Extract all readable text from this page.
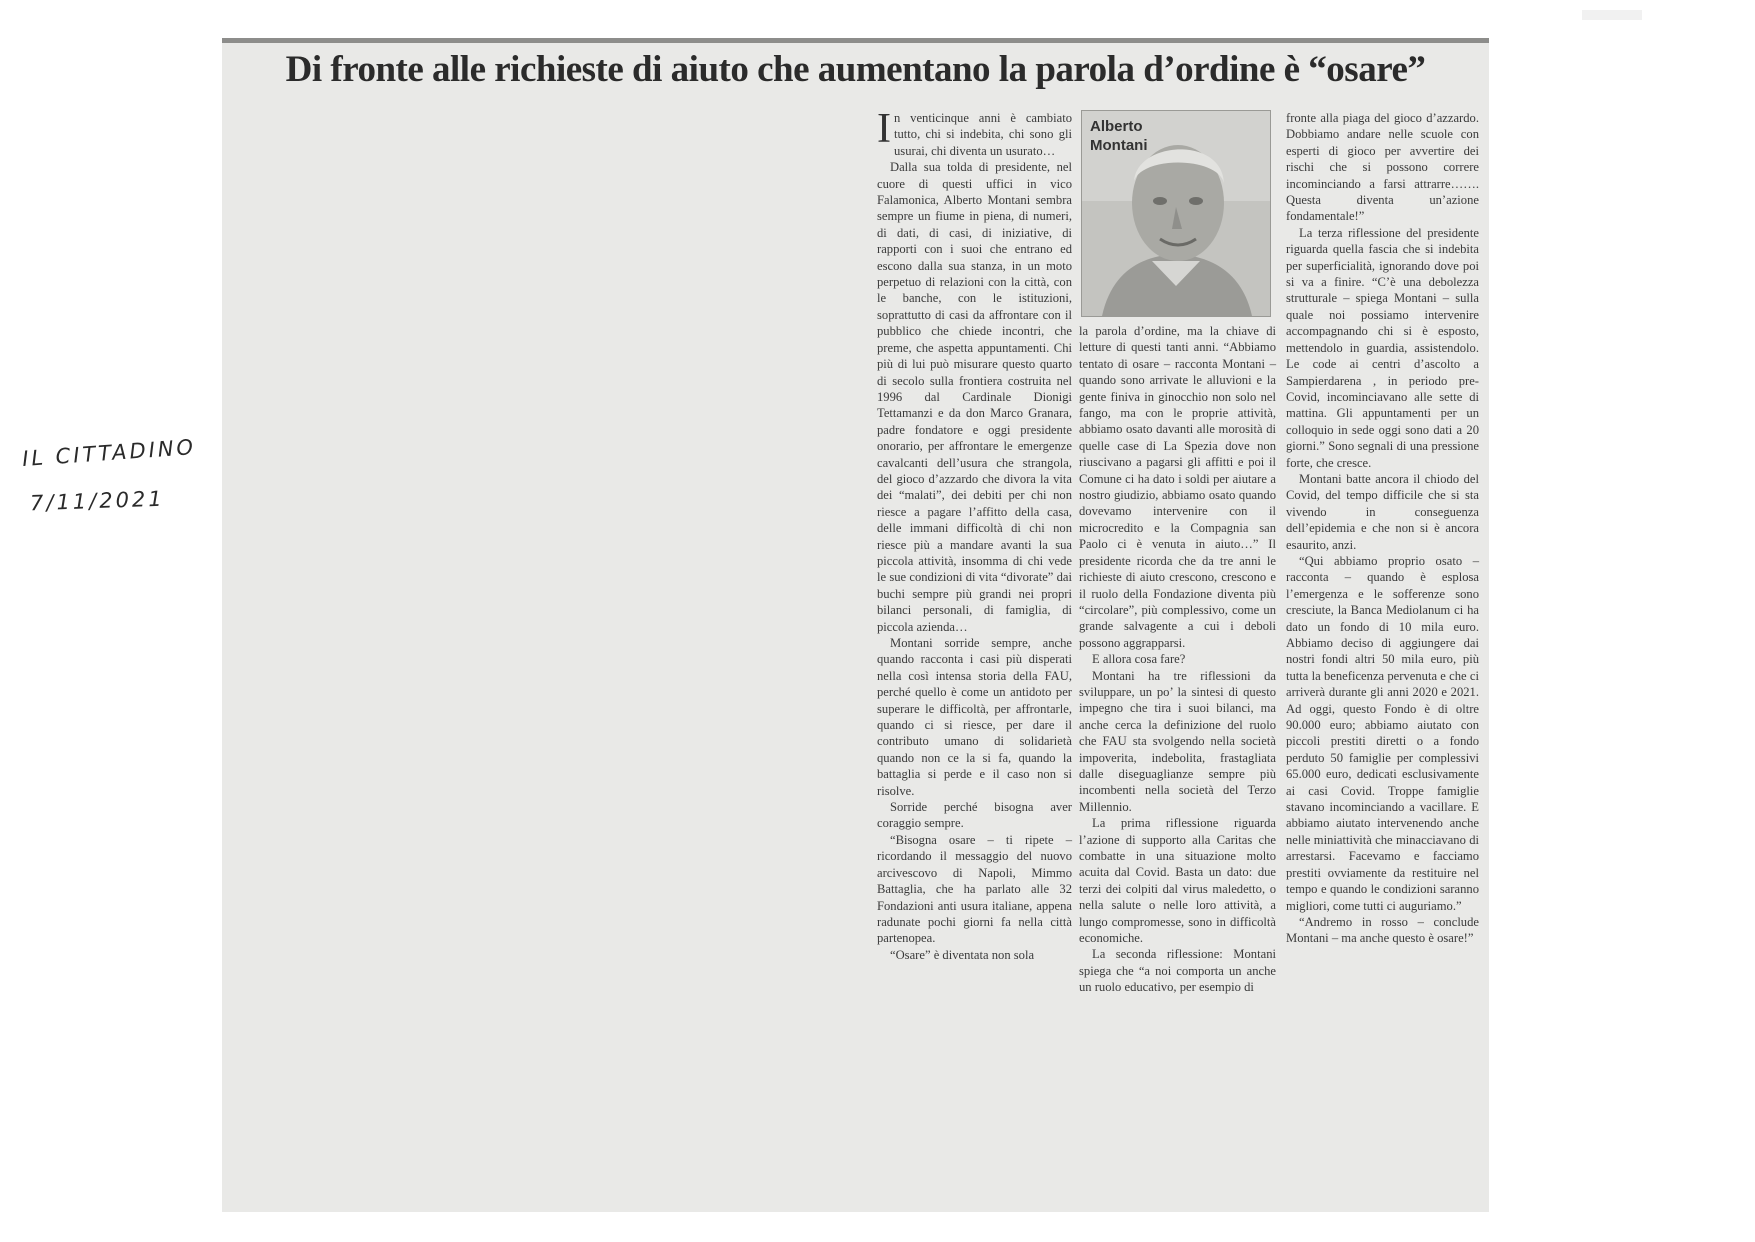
IL CITTADINO
7/11/2021
Di fronte alle richieste di aiuto che aumentano la parola d’ordine è “osare”

In venticinque anni è cambiato tutto, chi si indebita, chi sono gli usurai, chi diventa un usurato…

Dalla sua tolda di presidente, nel cuore di questi uffici in vico Falamonica, Alberto Montani sembra sempre un fiume in piena, di numeri, di dati, di casi, di iniziative, di rapporti con i suoi che entrano ed escono dalla sua stanza, in un moto perpetuo di relazioni con la città, con le banche, con le istituzioni, soprattutto di casi da affrontare con il pubblico che chiede incontri, che preme, che aspetta appuntamenti. Chi più di lui può misurare questo quarto di secolo sulla frontiera costruita nel 1996 dal Cardinale Dionigi Tettamanzi e da don Marco Granara, padre fondatore e oggi presidente onorario, per affrontare le emergenze cavalcanti dell’usura che strangola, del gioco d’azzardo che divora la vita dei “malati”, dei debiti per chi non riesce a pagare l’affitto della casa, delle immani difficoltà di chi non riesce più a mandare avanti la sua piccola attività, insomma di chi vede le sue condizioni di vita “divorate” dai buchi sempre più grandi nei propri bilanci personali, di famiglia, di piccola azienda…

Montani sorride sempre, anche quando racconta i casi più disperati nella così intensa storia della FAU, perché quello è come un antidoto per superare le difficoltà, per affrontarle, quando ci si riesce, per dare il contributo umano di solidarietà quando non ce la si fa, quando la battaglia si perde e il caso non si risolve.

Sorride perché bisogna aver coraggio sempre.

“Bisogna osare – ti ripete – ricordando il messaggio del nuovo arcivescovo di Napoli, Mimmo Battaglia, che ha parlato alle 32 Fondazioni anti usura italiane, appena radunate pochi giorni fa nella città partenopea.

“Osare” è diventata non sola

Alberto
Montani

la parola d’ordine, ma la chiave di letture di questi tanti anni. “Abbiamo tentato di osare – racconta Montani – quando sono arrivate le alluvioni e la gente finiva in ginocchio non solo nel fango, ma con le proprie attività, abbiamo osato davanti alle morosità di quelle case di La Spezia dove non riuscivano a pagarsi gli affitti e poi il Comune ci ha dato i soldi per aiutare a nostro giudizio, abbiamo osato quando dovevamo intervenire con il microcredito e la Compagnia san Paolo ci è venuta in aiuto…” Il presidente ricorda che da tre anni le richieste di aiuto crescono, crescono e il ruolo della Fondazione diventa più “circolare”, più complessivo, come un grande salvagente a cui i deboli possono aggrapparsi.

E allora cosa fare?

Montani ha tre riflessioni da sviluppare, un po’ la sintesi di questo impegno che tira i suoi bilanci, ma anche cerca la definizione del ruolo che FAU sta svolgendo nella società impoverita, indebolita, frastagliata dalle diseguaglianze sempre più incombenti nella società del Terzo Millennio.

La prima riflessione riguarda l’azione di supporto alla Caritas che combatte in una situazione molto acuita dal Covid. Basta un dato: due terzi dei colpiti dal virus maledetto, o nella salute o nelle loro attività, a lungo compromesse, sono in difficoltà economiche.

La seconda riflessione: Montani spiega che “a noi comporta un anche un ruolo educativo, per esempio di

fronte alla piaga del gioco d’azzardo. Dobbiamo andare nelle scuole con esperti di gioco per avvertire dei rischi che si possono correre incominciando a farsi attrarre……. Questa diventa un’azione fondamentale!”

La terza riflessione del presidente riguarda quella fascia che si indebita per superficialità, ignorando dove poi si va a finire. “C’è una debolezza strutturale – spiega Montani – sulla quale noi possiamo intervenire accompagnando chi si è esposto, mettendolo in guardia, assistendolo. Le code ai centri d’ascolto a Sampierdarena , in periodo pre-Covid, incominciavano alle sette di mattina. Gli appuntamenti per un colloquio in sede oggi sono dati a 20 giorni.” Sono segnali di una pressione forte, che cresce.

Montani batte ancora il chiodo del Covid, del tempo difficile che si sta vivendo in conseguenza dell’epidemia e che non si è ancora esaurito, anzi.

“Qui abbiamo proprio osato – racconta – quando è esplosa l’emergenza e le sofferenze sono cresciute, la Banca Mediolanum ci ha dato un fondo di 10 mila euro. Abbiamo deciso di aggiungere dai nostri fondi altri 50 mila euro, più tutta la beneficenza pervenuta e che ci arriverà durante gli anni 2020 e 2021. Ad oggi, questo Fondo è di oltre 90.000 euro; abbiamo aiutato con piccoli prestiti diretti o a fondo perduto 50 famiglie per complessivi 65.000 euro, dedicati esclusivamente ai casi Covid. Troppe famiglie stavano incominciando a vacillare. E abbiamo aiutato intervenendo anche nelle miniattività che minacciavano di arrestarsi. Facevamo e facciamo prestiti ovviamente da restituire nel tempo e quando le condizioni saranno migliori, come tutti ci auguriamo.”

“Andremo in rosso – conclude Montani – ma anche questo è osare!”
